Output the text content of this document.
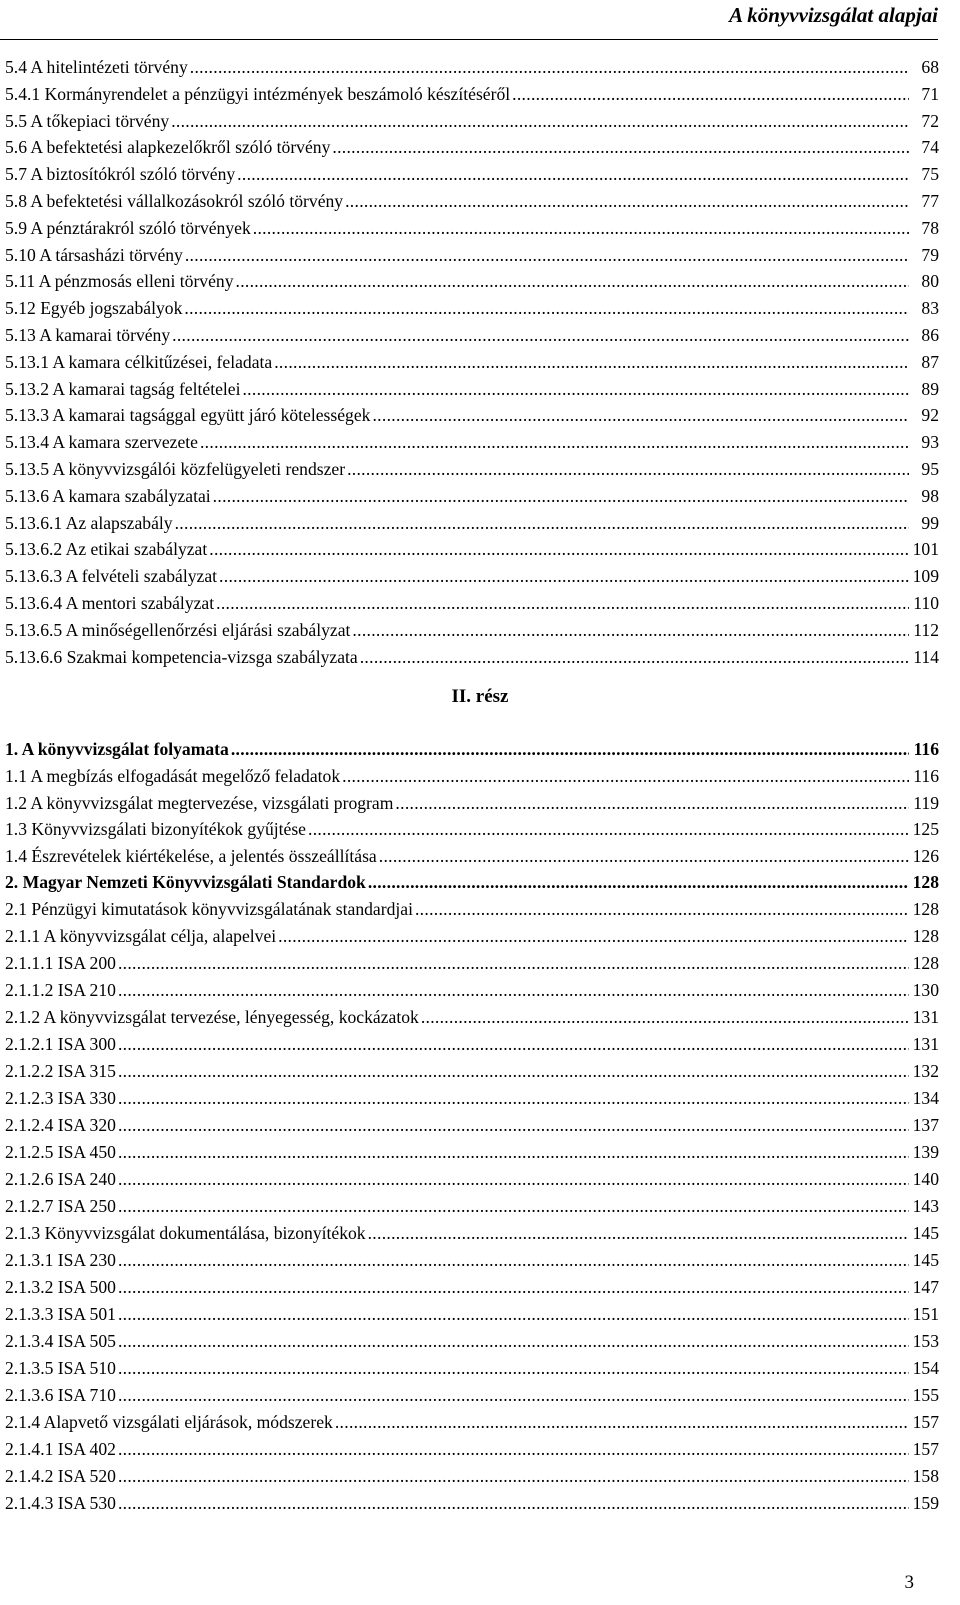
A könyvvizsgálat alapjai
5.4 A hitelintézeti törvény .....	68
5.4.1 Kormányrendelet a pénzügyi intézmények beszámoló készítéséről .....	71
5.5 A tőkepiaci törvény .....	72
5.6 A befektetési alapkezelőkről szóló törvény .....	74
5.7 A biztosítókról szóló törvény .....	75
5.8 A befektetési vállalkozásokról szóló törvény .....	77
5.9 A pénztárakról szóló törvények .....	78
5.10 A társasházi törvény .....	79
5.11 A pénzmosás elleni törvény .....	80
5.12 Egyéb jogszabályok .....	83
5.13 A kamarai törvény .....	86
5.13.1 A kamara célkitűzései, feladata .....	87
5.13.2 A kamarai tagság feltételei .....	89
5.13.3 A kamarai tagsággal együtt járó kötelességek .....	92
5.13.4 A kamara szervezete .....	93
5.13.5 A könyvvizsgálói közfelügyeleti rendszer .....	95
5.13.6 A kamara szabályzatai .....	98
5.13.6.1 Az alapszabály .....	99
5.13.6.2 Az etikai szabályzat .....	101
5.13.6.3 A felvételi szabályzat .....	109
5.13.6.4 A mentori szabályzat .....	110
5.13.6.5 A minőségellenőrzési eljárási szabályzat .....	112
5.13.6.6 Szakmai kompetencia-vizsga szabályzata .....	114
1. A könyvvizsgálat folyamata .....	116
1.1 A megbízás elfogadását megelőző feladatok .....	116
1.2 A könyvvizsgálat megtervezése, vizsgálati program .....	119
1.3 Könyvvizsgálati bizonyítékok gyűjtése .....	125
1.4 Észrevételek kiértékelése, a jelentés összeállítása .....	126
2. Magyar Nemzeti Könyvvizsgálati Standardok .....	128
2.1 Pénzügyi kimutatások könyvvizsgálatának standardjai .....	128
2.1.1 A könyvvizsgálat célja, alapelvei .....	128
2.1.1.1 ISA 200 .....	128
2.1.1.2 ISA 210 .....	130
2.1.2 A könyvvizsgálat tervezése, lényegesség, kockázatok .....	131
2.1.2.1 ISA 300 .....	131
2.1.2.2 ISA 315 .....	132
2.1.2.3 ISA 330 .....	134
2.1.2.4 ISA 320 .....	137
2.1.2.5 ISA 450 .....	139
2.1.2.6 ISA 240 .....	140
2.1.2.7 ISA 250 .....	143
2.1.3 Könyvvizsgálat dokumentálása, bizonyítékok .....	145
2.1.3.1 ISA 230 .....	145
2.1.3.2 ISA 500 .....	147
2.1.3.3 ISA 501 .....	151
2.1.3.4 ISA 505 .....	153
2.1.3.5 ISA 510 .....	154
2.1.3.6 ISA 710 .....	155
2.1.4 Alapvető vizsgálati eljárások, módszerek .....	157
2.1.4.1 ISA 402 .....	157
2.1.4.2 ISA 520 .....	158
2.1.4.3 ISA 530 .....	159
II. rész
3
